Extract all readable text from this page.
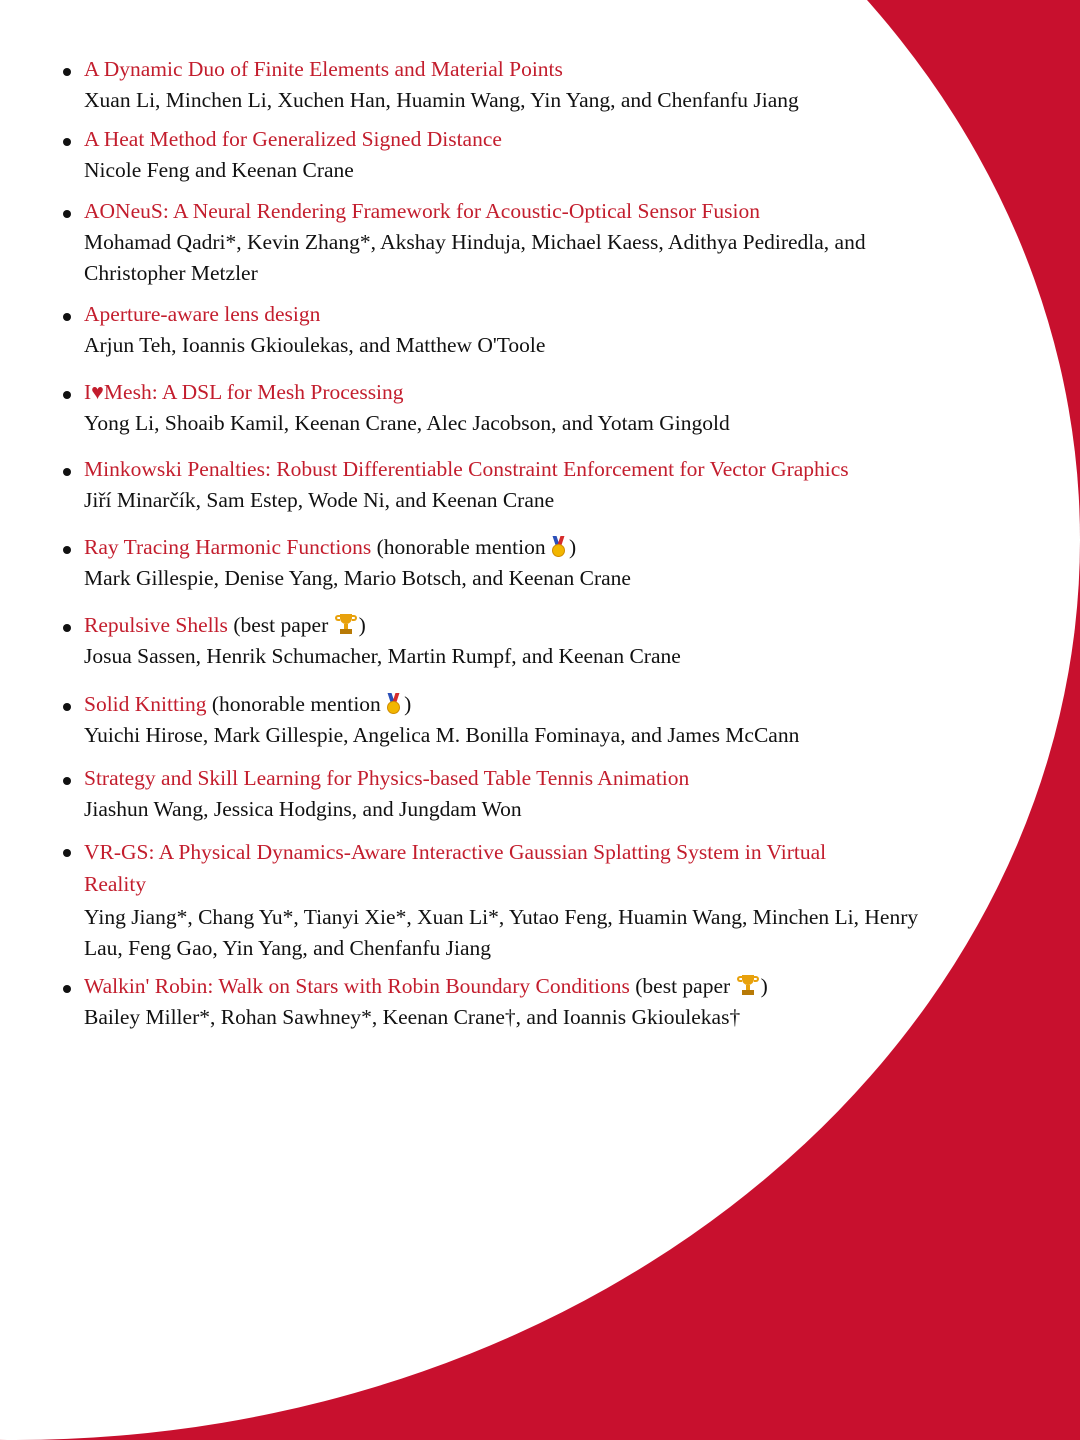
A Dynamic Duo of Finite Elements and Material Points
Xuan Li, Minchen Li, Xuchen Han, Huamin Wang, Yin Yang, and Chenfanfu Jiang
A Heat Method for Generalized Signed Distance
Nicole Feng and Keenan Crane
AONeuS: A Neural Rendering Framework for Acoustic-Optical Sensor Fusion
Mohamad Qadri*, Kevin Zhang*, Akshay Hinduja, Michael Kaess, Adithya Pediredla, and Christopher Metzler
Aperture-aware lens design
Arjun Teh, Ioannis Gkioulekas, and Matthew O'Toole
I♥Mesh: A DSL for Mesh Processing
Yong Li, Shoaib Kamil, Keenan Crane, Alec Jacobson, and Yotam Gingold
Minkowski Penalties: Robust Differentiable Constraint Enforcement for Vector Graphics
Jiří Minarčík, Sam Estep, Wode Ni, and Keenan Crane
Ray Tracing Harmonic Functions (honorable mention
)
Mark Gillespie, Denise Yang, Mario Botsch, and Keenan Crane
Repulsive Shells (best paper
)
Josua Sassen, Henrik Schumacher, Martin Rumpf, and Keenan Crane
Solid Knitting (honorable mention
)
Yuichi Hirose, Mark Gillespie, Angelica M. Bonilla Fominaya, and James McCann
Strategy and Skill Learning for Physics-based Table Tennis Animation
Jiashun Wang, Jessica Hodgins, and Jungdam Won
VR-GS: A Physical Dynamics-Aware Interactive Gaussian Splatting System in Virtual Reality
Ying Jiang*, Chang Yu*, Tianyi Xie*, Xuan Li*, Yutao Feng, Huamin Wang, Minchen Li, Henry Lau, Feng Gao, Yin Yang, and Chenfanfu Jiang
Walkin' Robin: Walk on Stars with Robin Boundary Conditions (best paper
)
Bailey Miller*, Rohan Sawhney*, Keenan Crane†, and Ioannis Gkioulekas†
